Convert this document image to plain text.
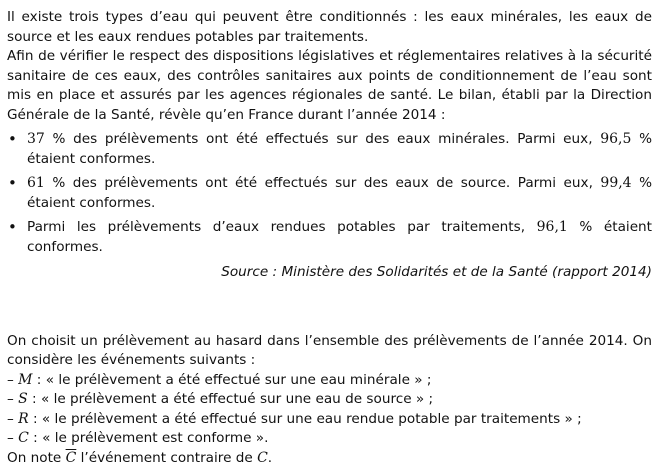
Il existe trois types d’eau qui peuvent être conditionnés : les eaux minérales, les eaux de source et les eaux rendues potables par traitements.

Afin de vérifier le respect des dispositions législatives et réglementaires relatives à la sécurité sanitaire de ces eaux, des contrôles sanitaires aux points de conditionnement de l’eau sont mis en place et assurés par les agences régionales de santé. Le bilan, établi par la Direction Générale de la Santé, révèle qu’en France durant l’année 2014 :

• 37 % des prélèvements ont été effectués sur des eaux minérales. Parmi eux, 96,5 % étaient conformes.
• 61 % des prélèvements ont été effectués sur des eaux de source. Parmi eux, 99,4 % étaient conformes.
• Parmi les prélèvements d’eaux rendues potables par traitements, 96,1 % étaient conformes.
Source : Ministère des Solidarités et de la Santé (rapport 2014)

On choisit un prélèvement au hasard dans l’ensemble des prélèvements de l’année 2014. On considère les événements suivants :

– M : « le prélèvement a été effectué sur une eau minérale » ;

– S : « le prélèvement a été effectué sur une eau de source » ;

– R : « le prélèvement a été effectué sur une eau rendue potable par traitements » ;

– C : « le prélèvement est conforme ».

On note $\overline{C}$ l’événement contraire de C.
